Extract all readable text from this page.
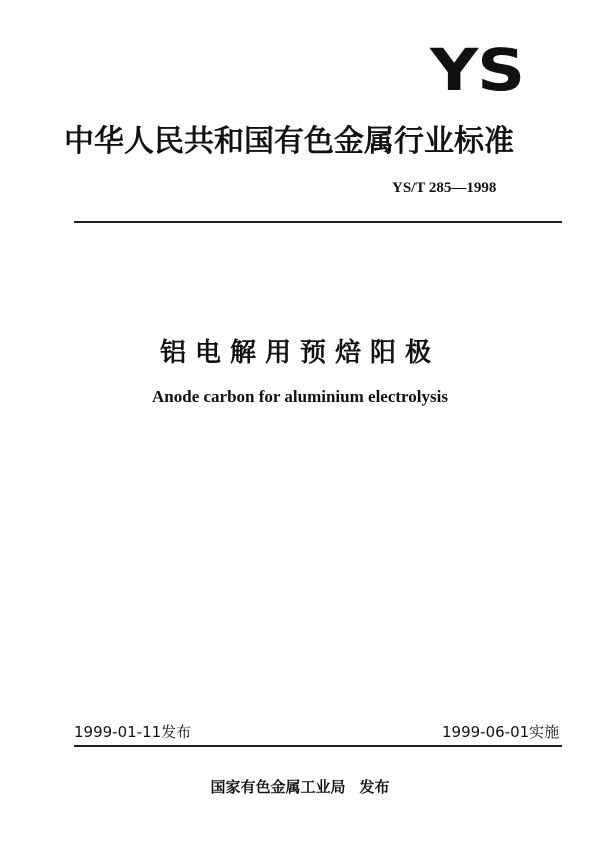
YS
中华人民共和国有色金属行业标准
YS/T 285—1998
铝电解用预焙阳极
Anode carbon for aluminium electrolysis
1999-01-11发布	1999-06-01实施
国家有色金属工业局 发布
